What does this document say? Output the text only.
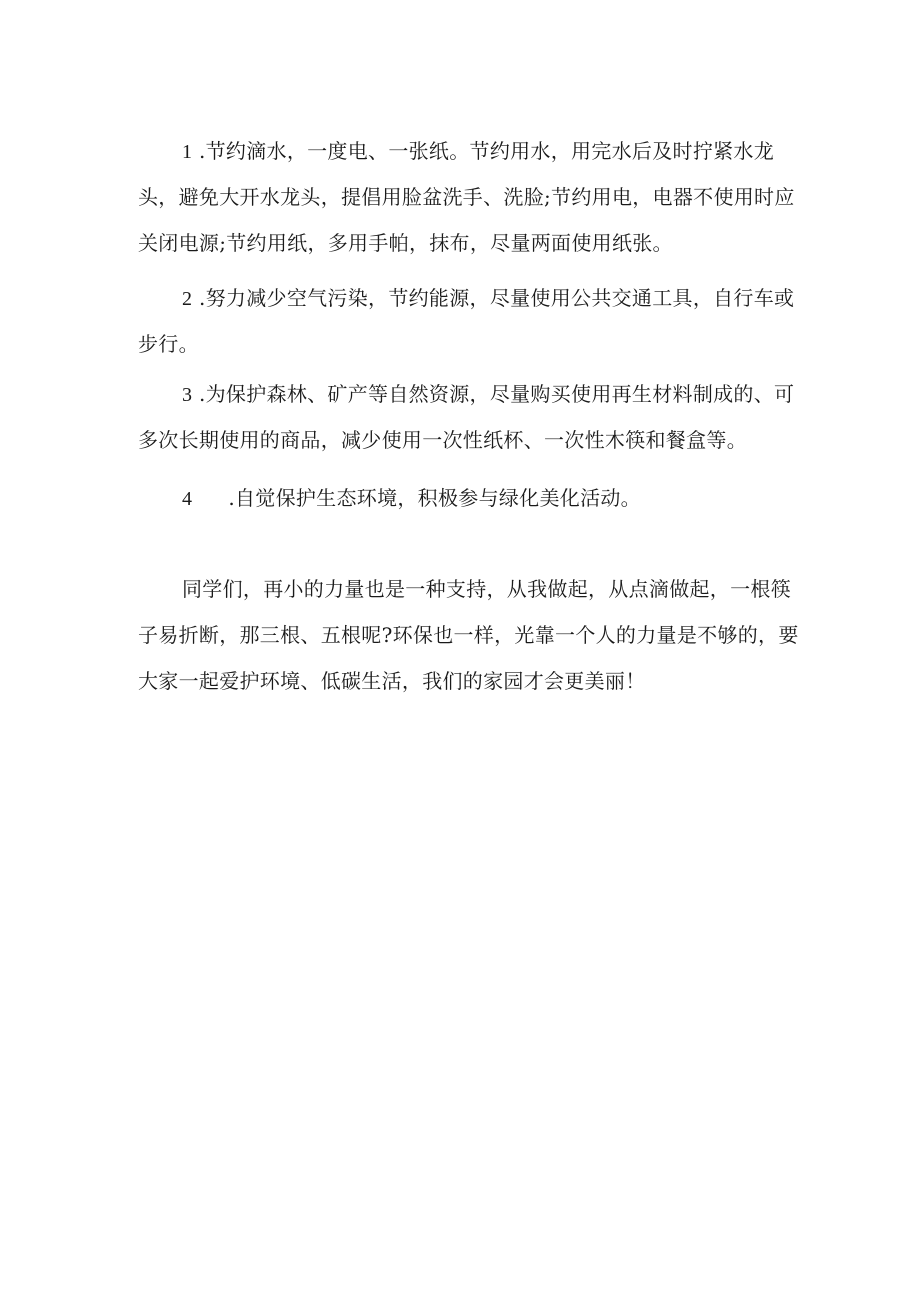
1 .节约滴水，一度电、一张纸。节约用水，用完水后及时拧紧水龙
头，避免大开水龙头，提倡用脸盆洗手、洗脸;节约用电，电器不使用时应
关闭电源;节约用纸，多用手帕，抹布，尽量两面使用纸张。
2 .努力减少空气污染，节约能源，尽量使用公共交通工具，自行车或
步行。
3 .为保护森林、矿产等自然资源，尽量购买使用再生材料制成的、可
多次长期使用的商品，减少使用一次性纸杯、一次性木筷和餐盒等。
4 .自觉保护生态环境，积极参与绿化美化活动。
同学们，再小的力量也是一种支持，从我做起，从点滴做起，一根筷
子易折断，那三根、五根呢?环保也一样，光靠一个人的力量是不够的，要
大家一起爱护环境、低碳生活，我们的家园才会更美丽！
